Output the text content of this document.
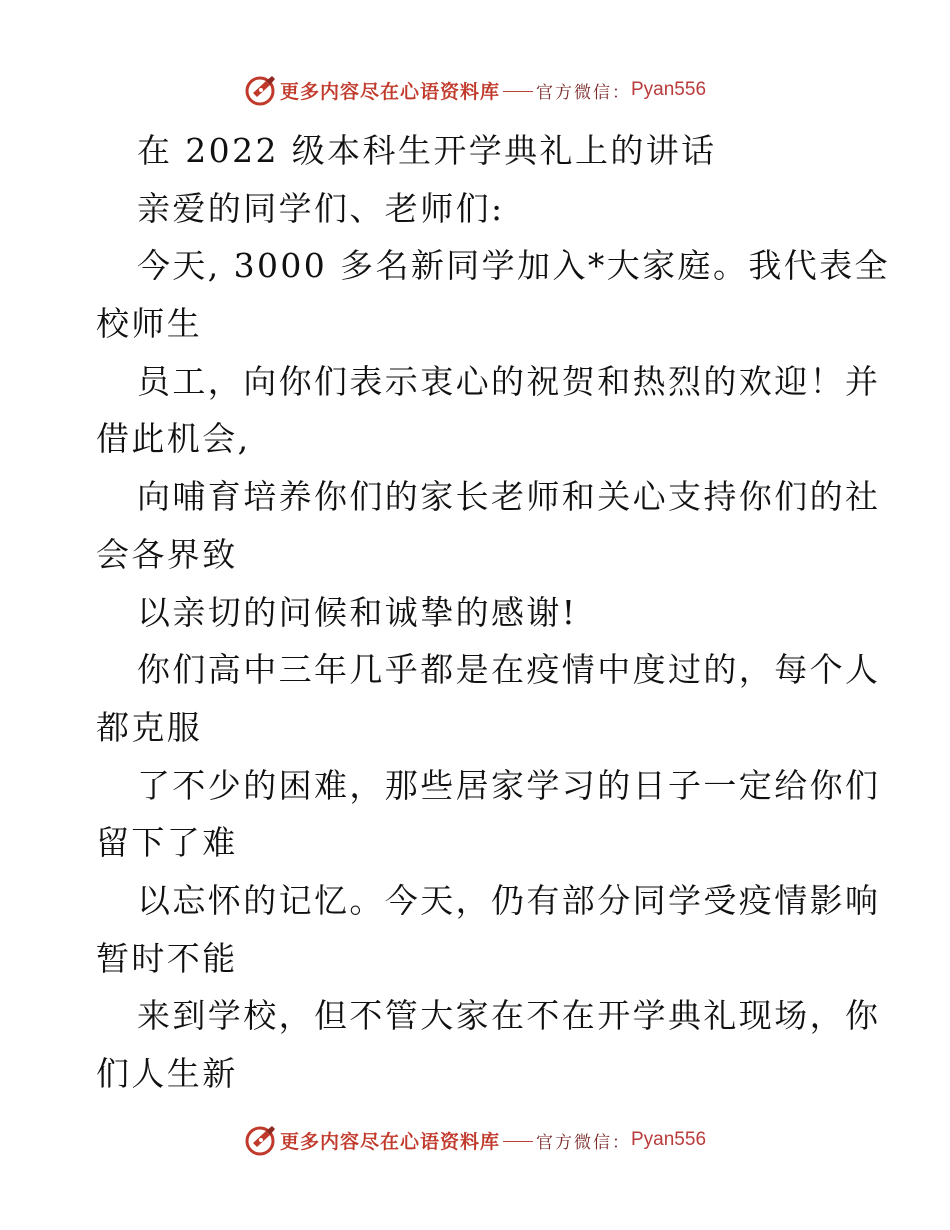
更多内容尽在心语资料库 官方微信： Pyan556
在 2022 级本科生开学典礼上的讲话
亲爱的同学们、老师们:
今天, 3000 多名新同学加入*大家庭。我代表全
校师生
员工，向你们表示衷心的祝贺和热烈的欢迎！并
借此机会,
向哺育培养你们的家长老师和关心支持你们的社
会各界致
以亲切的问候和诚挚的感谢!
你们高中三年几乎都是在疫情中度过的，每个人
都克服
了不少的困难，那些居家学习的日子一定给你们
留下了难
以忘怀的记忆。今天，仍有部分同学受疫情影响
暂时不能
来到学校，但不管大家在不在开学典礼现场，你
们人生新
更多内容尽在心语资料库 官方微信： Pyan556
